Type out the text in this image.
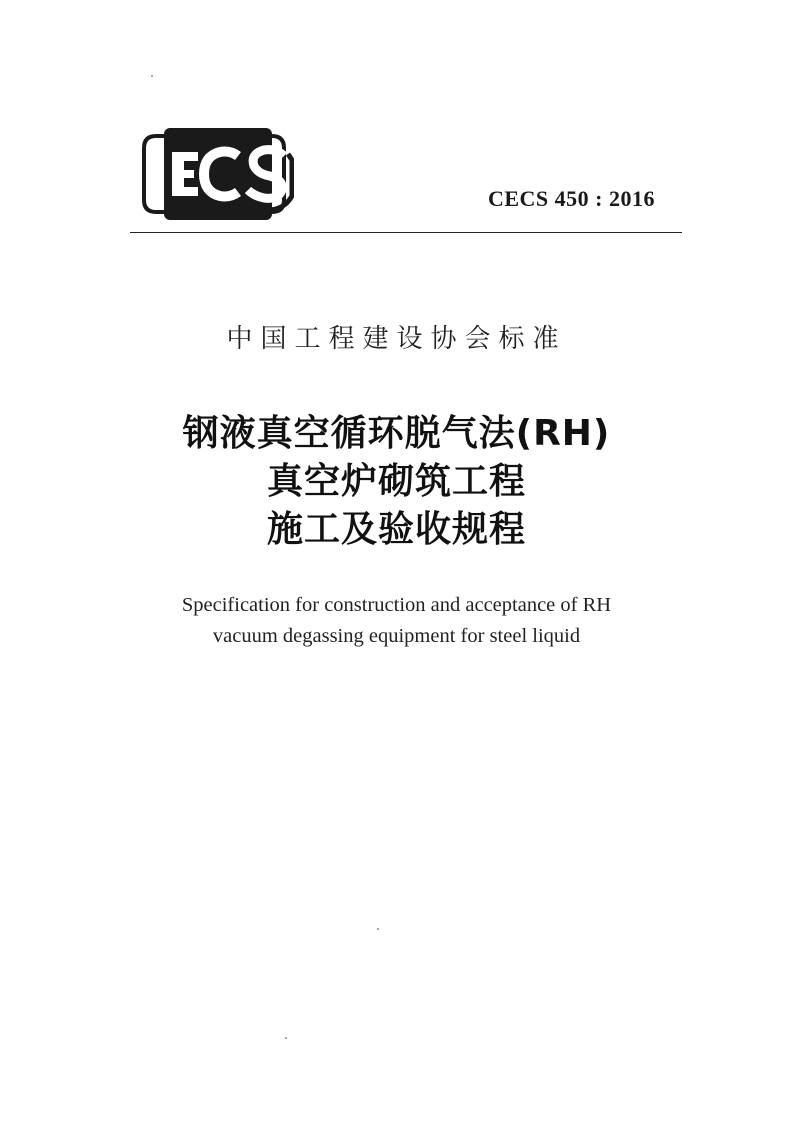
CECS 450 : 2016
中国工程建设协会标准
钢液真空循环脱气法(RH)
真空炉砌筑工程
施工及验收规程
Specification for construction and acceptance of RH
vacuum degassing equipment for steel liquid
